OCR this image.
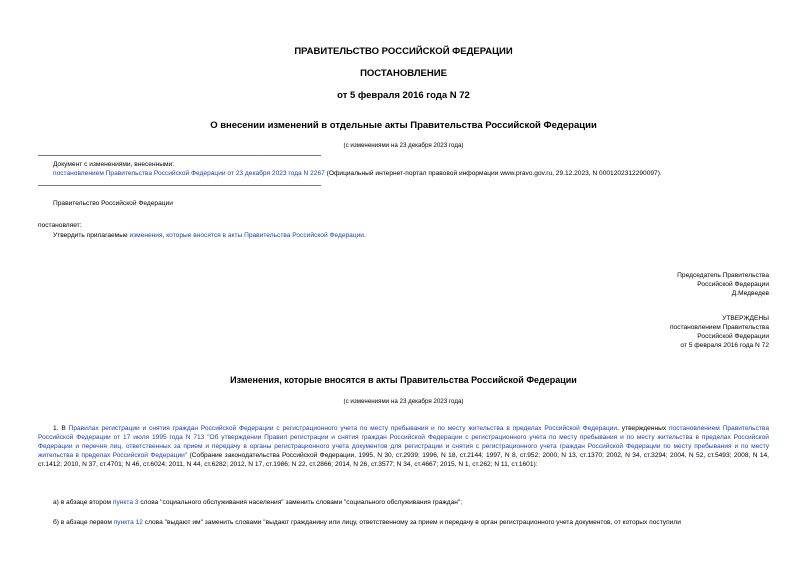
ПРАВИТЕЛЬСТВО РОССИЙСКОЙ ФЕДЕРАЦИИ
ПОСТАНОВЛЕНИЕ
от 5 февраля 2016 года N 72
О внесении изменений в отдельные акты Правительства Российской Федерации
(с изменениями на 23 декабря 2023 года)
Документ с изменениями, внесенными:
постановлением Правительства Российской Федерации от 23 декабря 2023 года N 2267 (Официальный интернет-портал правовой информации www.pravo.gov.ru, 29.12.2023, N 0001202312290097).
Правительство Российской Федерации
постановляет:
Утвердить прилагаемые изменения, которые вносятся в акты Правительства Российской Федерации.
Председатель Правительства
Российской Федерации
Д.Медведев
УТВЕРЖДЕНЫ
постановлением Правительства
Российской Федерации
от 5 февраля 2016 года N 72
Изменения, которые вносятся в акты Правительства Российской Федерации
(с изменениями на 23 декабря 2023 года)
1. В Правилах регистрации и снятия граждан Российской Федерации с регистрационного учета по месту пребывания и по месту жительства в пределах Российской Федерации, утвержденных постановлением Правительства Российской Федерации от 17 июля 1995 года N 713 "Об утверждении Правил регистрации и снятия граждан Российской Федерации с регистрационного учета по месту пребывания и по месту жительства в пределах Российской Федерации и перечня лиц, ответственных за прием и передачу в органы регистрационного учета документов для регистрации и снятия с регистрационного учета граждан Российской Федерации по месту пребывания и по месту жительства в пределах Российской Федерации" (Собрание законодательства Российской Федерации, 1995, N 30, ст.2939; 1996, N 18, ст.2144; 1997, N 8, ст.952; 2000, N 13, ст.1370; 2002, N 34, ст.3294; 2004, N 52, ст.5493; 2008, N 14, ст.1412; 2010, N 37, ст.4701; N 46, ст.6024; 2011, N 44, ст.6282; 2012, N 17, ст.1986; N 22, ст.2866; 2014, N 26, ст.3577; N 34, ст.4667; 2015, N 1, ст.262; N 11, ст.1601):
а) в абзаце втором пункта 3 слова "социального обслуживания населения" заменить словами "социального обслуживания граждан";
б) в абзаце первом пункта 12 слова "выдают им" заменить словами "выдают гражданину или лицу, ответственному за прием и передачу в орган регистрационного учета документов, от которых поступили
